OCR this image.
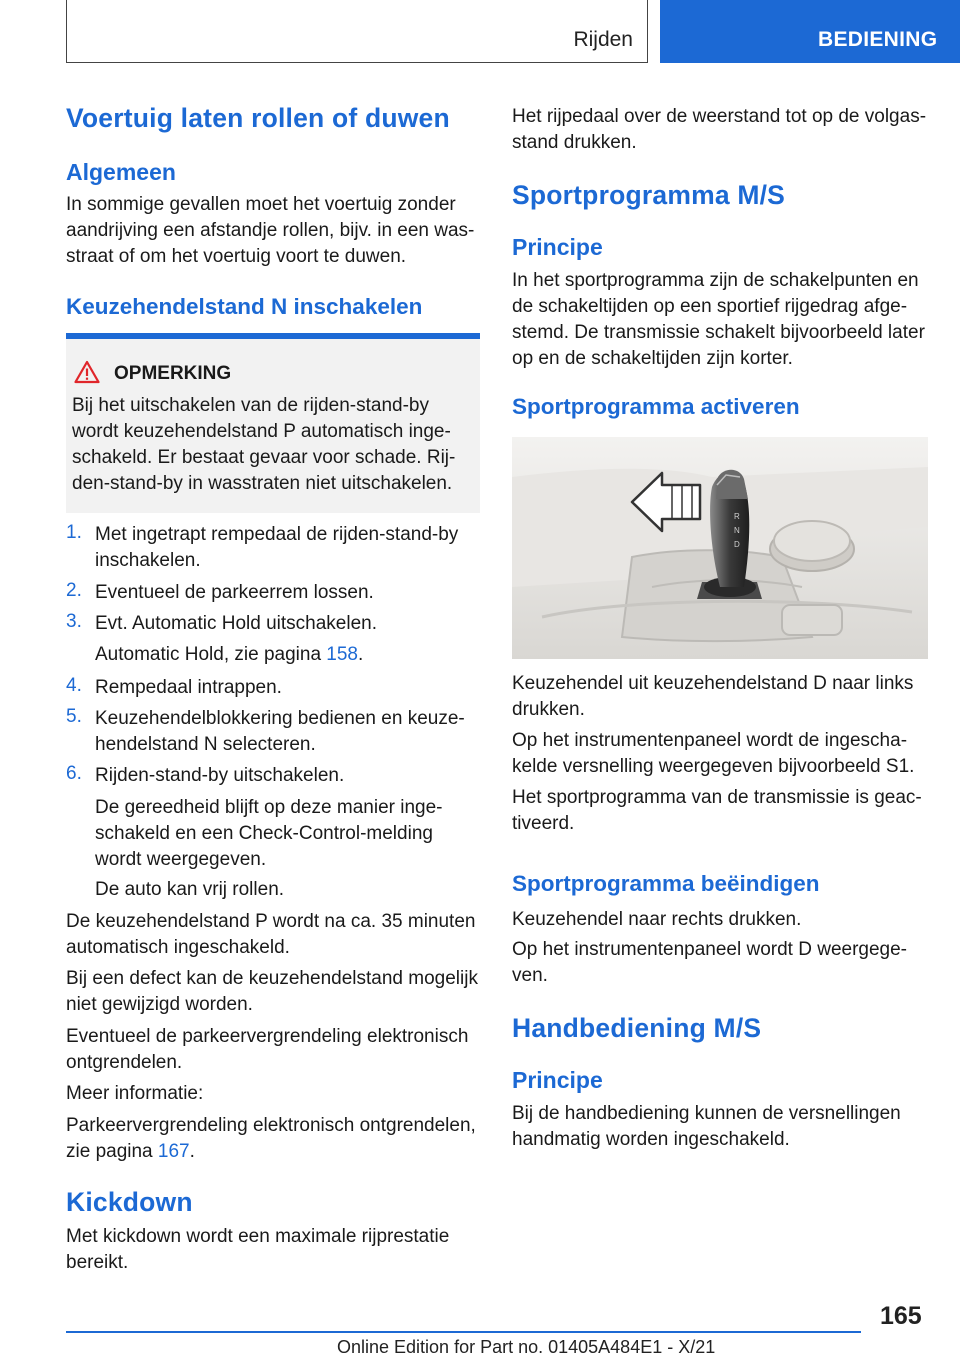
Rijden	BEDIENING
Voertuig laten rollen of duwen
Algemeen

In sommige gevallen moet het voertuig zonder aandrijving een afstandje rollen, bijv. in een was- straat of om het voertuig voort te duwen.

Keuzehendelstand N inschakelen
OPMERKING

Bij het uitschakelen van de rijden-stand-by wordt keuzehendelstand P automatisch inge- schakeld. Er bestaat gevaar voor schade. Rij- den-stand-by in wasstraten niet uitschakelen.

1. Met ingetrapt rempedaal de rijden-stand-by inschakelen.
2. Eventueel de parkeerrem lossen.
3. Evt. Automatic Hold uitschakelen.
Automatic Hold, zie pagina 158.
4. Rempedaal intrappen.
5. Keuzehendelblokkering bedienen en keuze- hendelstand N selecteren.
6. Rijden-stand-by uitschakelen.
De gereedheid blijft op deze manier inge- schakeld en een Check-Control-melding wordt weergegeven.
De auto kan vrij rollen.

De keuzehendelstand P wordt na ca. 35 minuten automatisch ingeschakeld.

Bij een defect kan de keuzehendelstand mogelijk niet gewijzigd worden.

Eventueel de parkeervergrendeling elektronisch ontgrendelen.

Meer informatie:

Parkeervergrendeling elektronisch ontgrendelen, zie pagina 167.

Kickdown

Met kickdown wordt een maximale rijprestatie bereikt.

Het rijpedaal over de weerstand tot op de volgas- stand drukken.

Sportprogramma M/S
Principe

In het sportprogramma zijn de schakelpunten en de schakeltijden op een sportief rijgedrag afge- stemd. De transmissie schakelt bijvoorbeeld later op en de schakeltijden zijn korter.

Sportprogramma activeren
R
N
D

Keuzehendel uit keuzehendelstand D naar links drukken.

Op het instrumentenpaneel wordt de ingescha- kelde versnelling weergegeven bijvoorbeeld S1.

Het sportprogramma van de transmissie is geac- tiveerd.

Sportprogramma beëindigen

Keuzehendel naar rechts drukken.

Op het instrumentenpaneel wordt D weergege- ven.

Handbediening M/S
Principe

Bij de handbediening kunnen de versnellingen handmatig worden ingeschakeld.

165
Online Edition for Part no. 01405A484E1 - X/21
